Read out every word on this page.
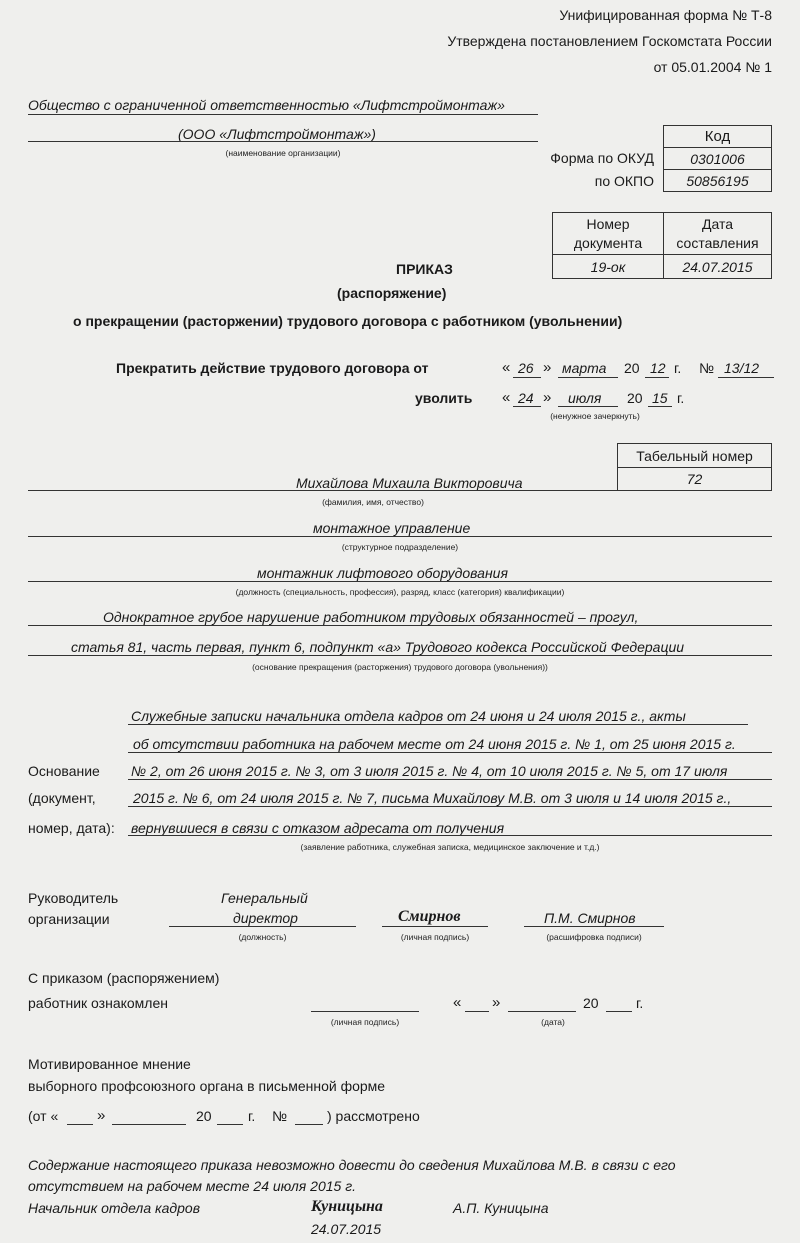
Унифицированная форма № Т-8
Утверждена постановлением Госкомстата России
от 05.01.2004 № 1
Общество с ограниченной ответственностью «Лифтстроймонтаж»
(ООО «Лифтстроймонтаж»)
(наименование организации)
Код
Форма по ОКУД	0301006
по ОКПО	50856195
Номер
документа
Дата
составления
19-ок	24.07.2015
ПРИКАЗ
(распоряжение)
о прекращении (расторжении) трудового договора с работником (увольнении)
Прекратить действие трудового договора от	« 26 » марта 20 12 г. № 13/12
уволить « 24 » июля 20 15 г.
(ненужное зачеркнуть)
Табельный номер
72
Михайлова Михаила Викторовича
(фамилия, имя, отчество)
монтажное управление
(структурное подразделение)
монтажник лифтового оборудования
(должность (специальность, профессия), разряд, класс (категория) квалификации)
Однократное грубое нарушение работником трудовых обязанностей – прогул,
статья 81, часть первая, пункт 6, подпункт «а» Трудового кодекса Российской Федерации
(основание прекращения (расторжения) трудового договора (увольнения))
Служебные записки начальника отдела кадров от 24 июня и 24 июля 2015 г., акты
об отсутствии работника на рабочем месте от 24 июня 2015 г. № 1, от 25 июня 2015 г.
Основание № 2, от 26 июня 2015 г. № 3, от 3 июля 2015 г. № 4, от 10 июля 2015 г. № 5, от 17 июля
(документ,	2015 г. № 6, от 24 июля 2015 г. № 7, письма Михайлову М.В. от 3 июля и 14 июля 2015 г.,
номер, дата): вернувшиеся в связи с отказом адресата от получения
(заявление работника, служебная записка, медицинское заключение и т.д.)
Руководитель
организации
Генеральный
директор
(должность)
Смирнов
(личная подпись)
П.М. Смирнов
(расшифровка подписи)
С приказом (распоряжением)
работник ознакомлен
(личная подпись)
« »	20	г.
(дата)
Мотивированное мнение
выборного профсоюзного органа в письменной форме
(от «	»	20	г. №	) рассмотрено
Содержание настоящего приказа невозможно довести до сведения Михайлова М.В. в связи с его
отсутствием на рабочем месте 24 июля 2015 г.
Начальник отдела кадров	Куницына	А.П. Куницына
24.07.2015
